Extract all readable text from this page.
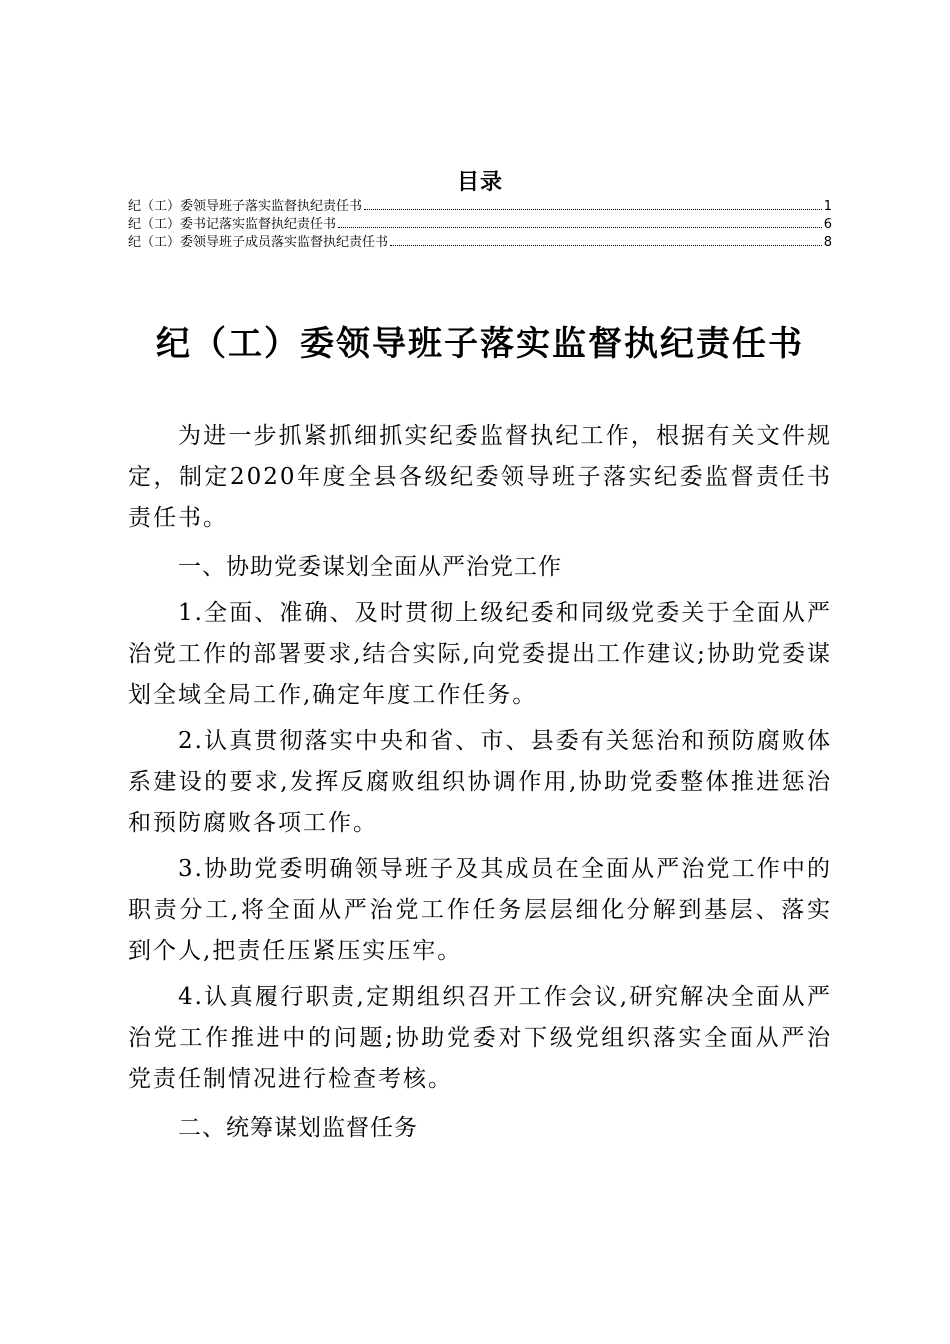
目录
纪（工）委领导班子落实监督执纪责任书	1
纪（工）委书记落实监督执纪责任书	6
纪（工）委领导班子成员落实监督执纪责任书	8
纪（工）委领导班子落实监督执纪责任书

为进一步抓紧抓细抓实纪委监督执纪工作，根据有关文件规定，制定2020年度全县各级纪委领导班子落实纪委监督责任书责任书。

一、协助党委谋划全面从严治党工作

1.全面、准确、及时贯彻上级纪委和同级党委关于全面从严治党工作的部署要求,结合实际,向党委提出工作建议;协助党委谋划全域全局工作,确定年度工作任务。

2.认真贯彻落实中央和省、市、县委有关惩治和预防腐败体系建设的要求,发挥反腐败组织协调作用,协助党委整体推进惩治和预防腐败各项工作。

3.协助党委明确领导班子及其成员在全面从严治党工作中的职责分工,将全面从严治党工作任务层层细化分解到基层、落实到个人,把责任压紧压实压牢。

4.认真履行职责,定期组织召开工作会议,研究解决全面从严治党工作推进中的问题;协助党委对下级党组织落实全面从严治党责任制情况进行检查考核。

二、统筹谋划监督任务
